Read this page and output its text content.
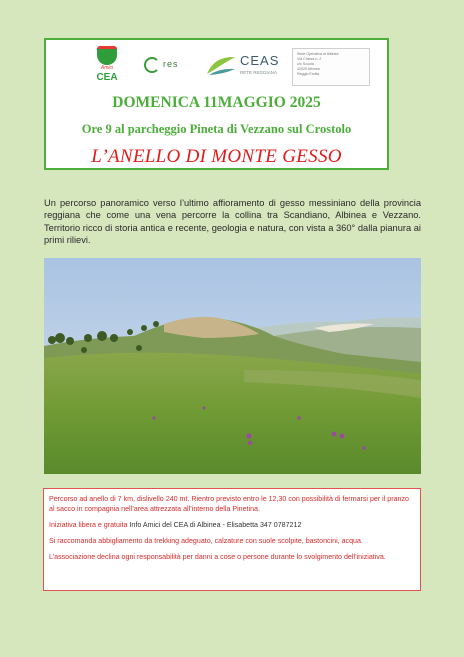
Amici
CEA
res	CEAS
RETE REGGIANA
Sede Operativa di Albinea
Via Chiesa n. 2
c/o Scuola
42020 Albinea
Reggio Emilia
DOMENICA 11MAGGIO 2025
Ore 9 al parcheggio Pineta di Vezzano sul Crostolo
L’ANELLO DI MONTE GESSO

Un percorso panoramico verso l’ultimo affioramento di gesso messiniano della provincia reggiana che come una vena percorre la collina tra Scandiano, Albinea e Vezzano. Territorio ricco di storia antica e recente, geologia e natura, con vista a 360° dalla pianura ai primi rilievi.

Percorso ad anello di 7 km, dislivello 240 mt. Rientro previsto entro le 12,30 con possibilità di fermarsi per il pranzo al sacco in compagnia nell’area attrezzata all’interno della Pinetina.

Iniziativa libera e gratuita Info Amici del CEA di Albinea - Elisabetta 347 0787212

Si raccomanda abbigliamento da trekking adeguato, calzature con suole scolpite, bastoncini, acqua.

L’associazione declina ogni responsabilità per danni a cose o persone durante lo svolgimento dell’iniziativa.
